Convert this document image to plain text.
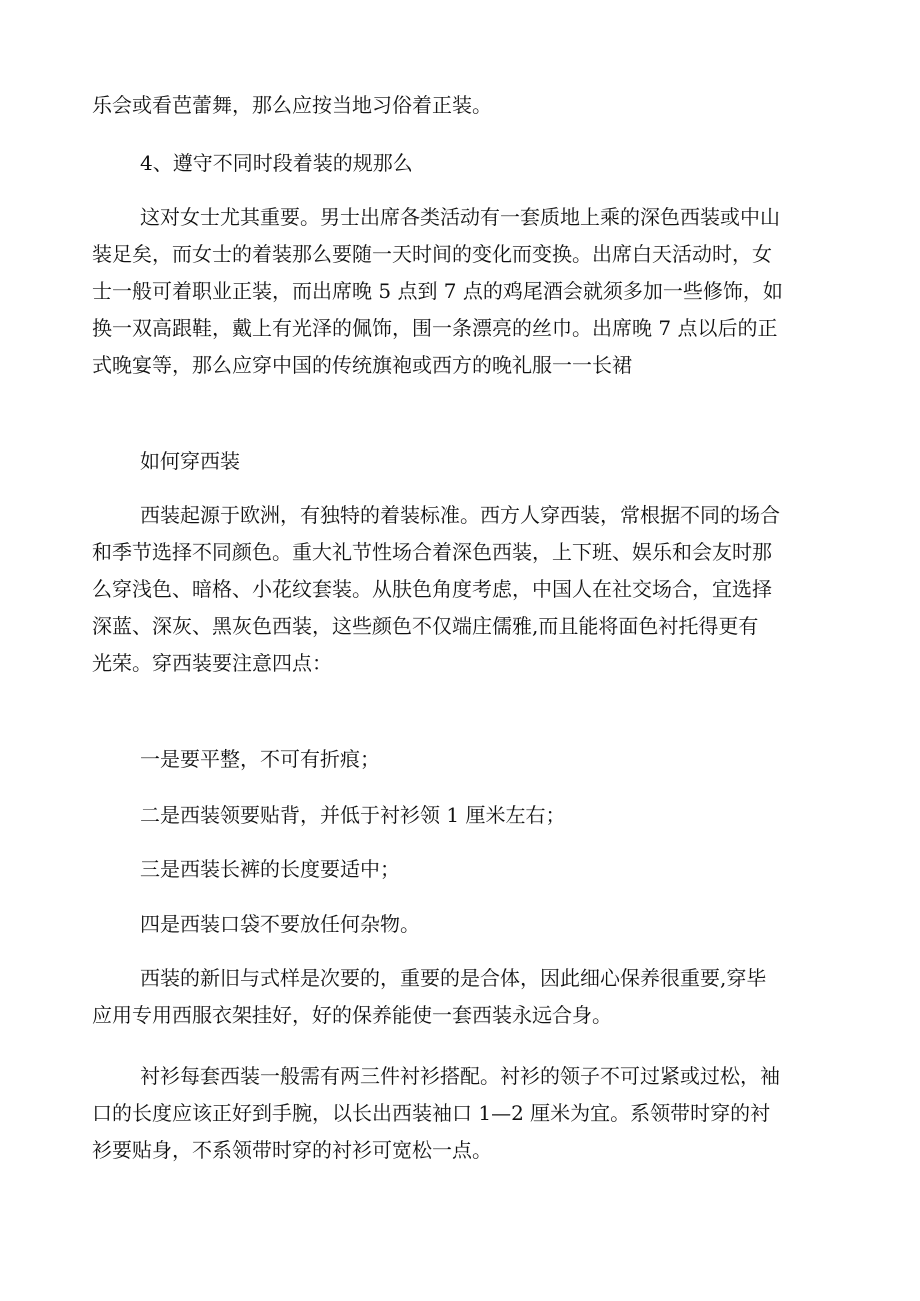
乐会或看芭蕾舞，那么应按当地习俗着正装。

4、遵守不同时段着装的规那么

这对女士尤其重要。男士出席各类活动有一套质地上乘的深色西装或中山
装足矣，而女士的着装那么要随一天时间的变化而变换。出席白天活动时，女
士一般可着职业正装，而出席晚 5 点到 7 点的鸡尾酒会就须多加一些修饰，如
换一双高跟鞋，戴上有光泽的佩饰，围一条漂亮的丝巾。出席晚 7 点以后的正
式晚宴等，那么应穿中国的传统旗袍或西方的晚礼服一一长裙

如何穿西装

西装起源于欧洲，有独特的着装标准。西方人穿西装，常根据不同的场合
和季节选择不同颜色。重大礼节性场合着深色西装，上下班、娱乐和会友时那
么穿浅色、暗格、小花纹套装。从肤色角度考虑，中国人在社交场合，宜选择
深蓝、深灰、黑灰色西装，这些颜色不仅端庄儒雅,而且能将面色衬托得更有
光荣。穿西装要注意四点：

一是要平整，不可有折痕；

二是西装领要贴背，并低于衬衫领 1 厘米左右；

三是西装长裤的长度要适中；

四是西装口袋不要放任何杂物。

西装的新旧与式样是次要的，重要的是合体，因此细心保养很重要,穿毕
应用专用西服衣架挂好，好的保养能使一套西装永远合身。

衬衫每套西装一般需有两三件衬衫搭配。衬衫的领子不可过紧或过松，袖
口的长度应该正好到手腕，以长出西装袖口 1—2 厘米为宜。系领带时穿的衬
衫要贴身，不系领带时穿的衬衫可宽松一点。
